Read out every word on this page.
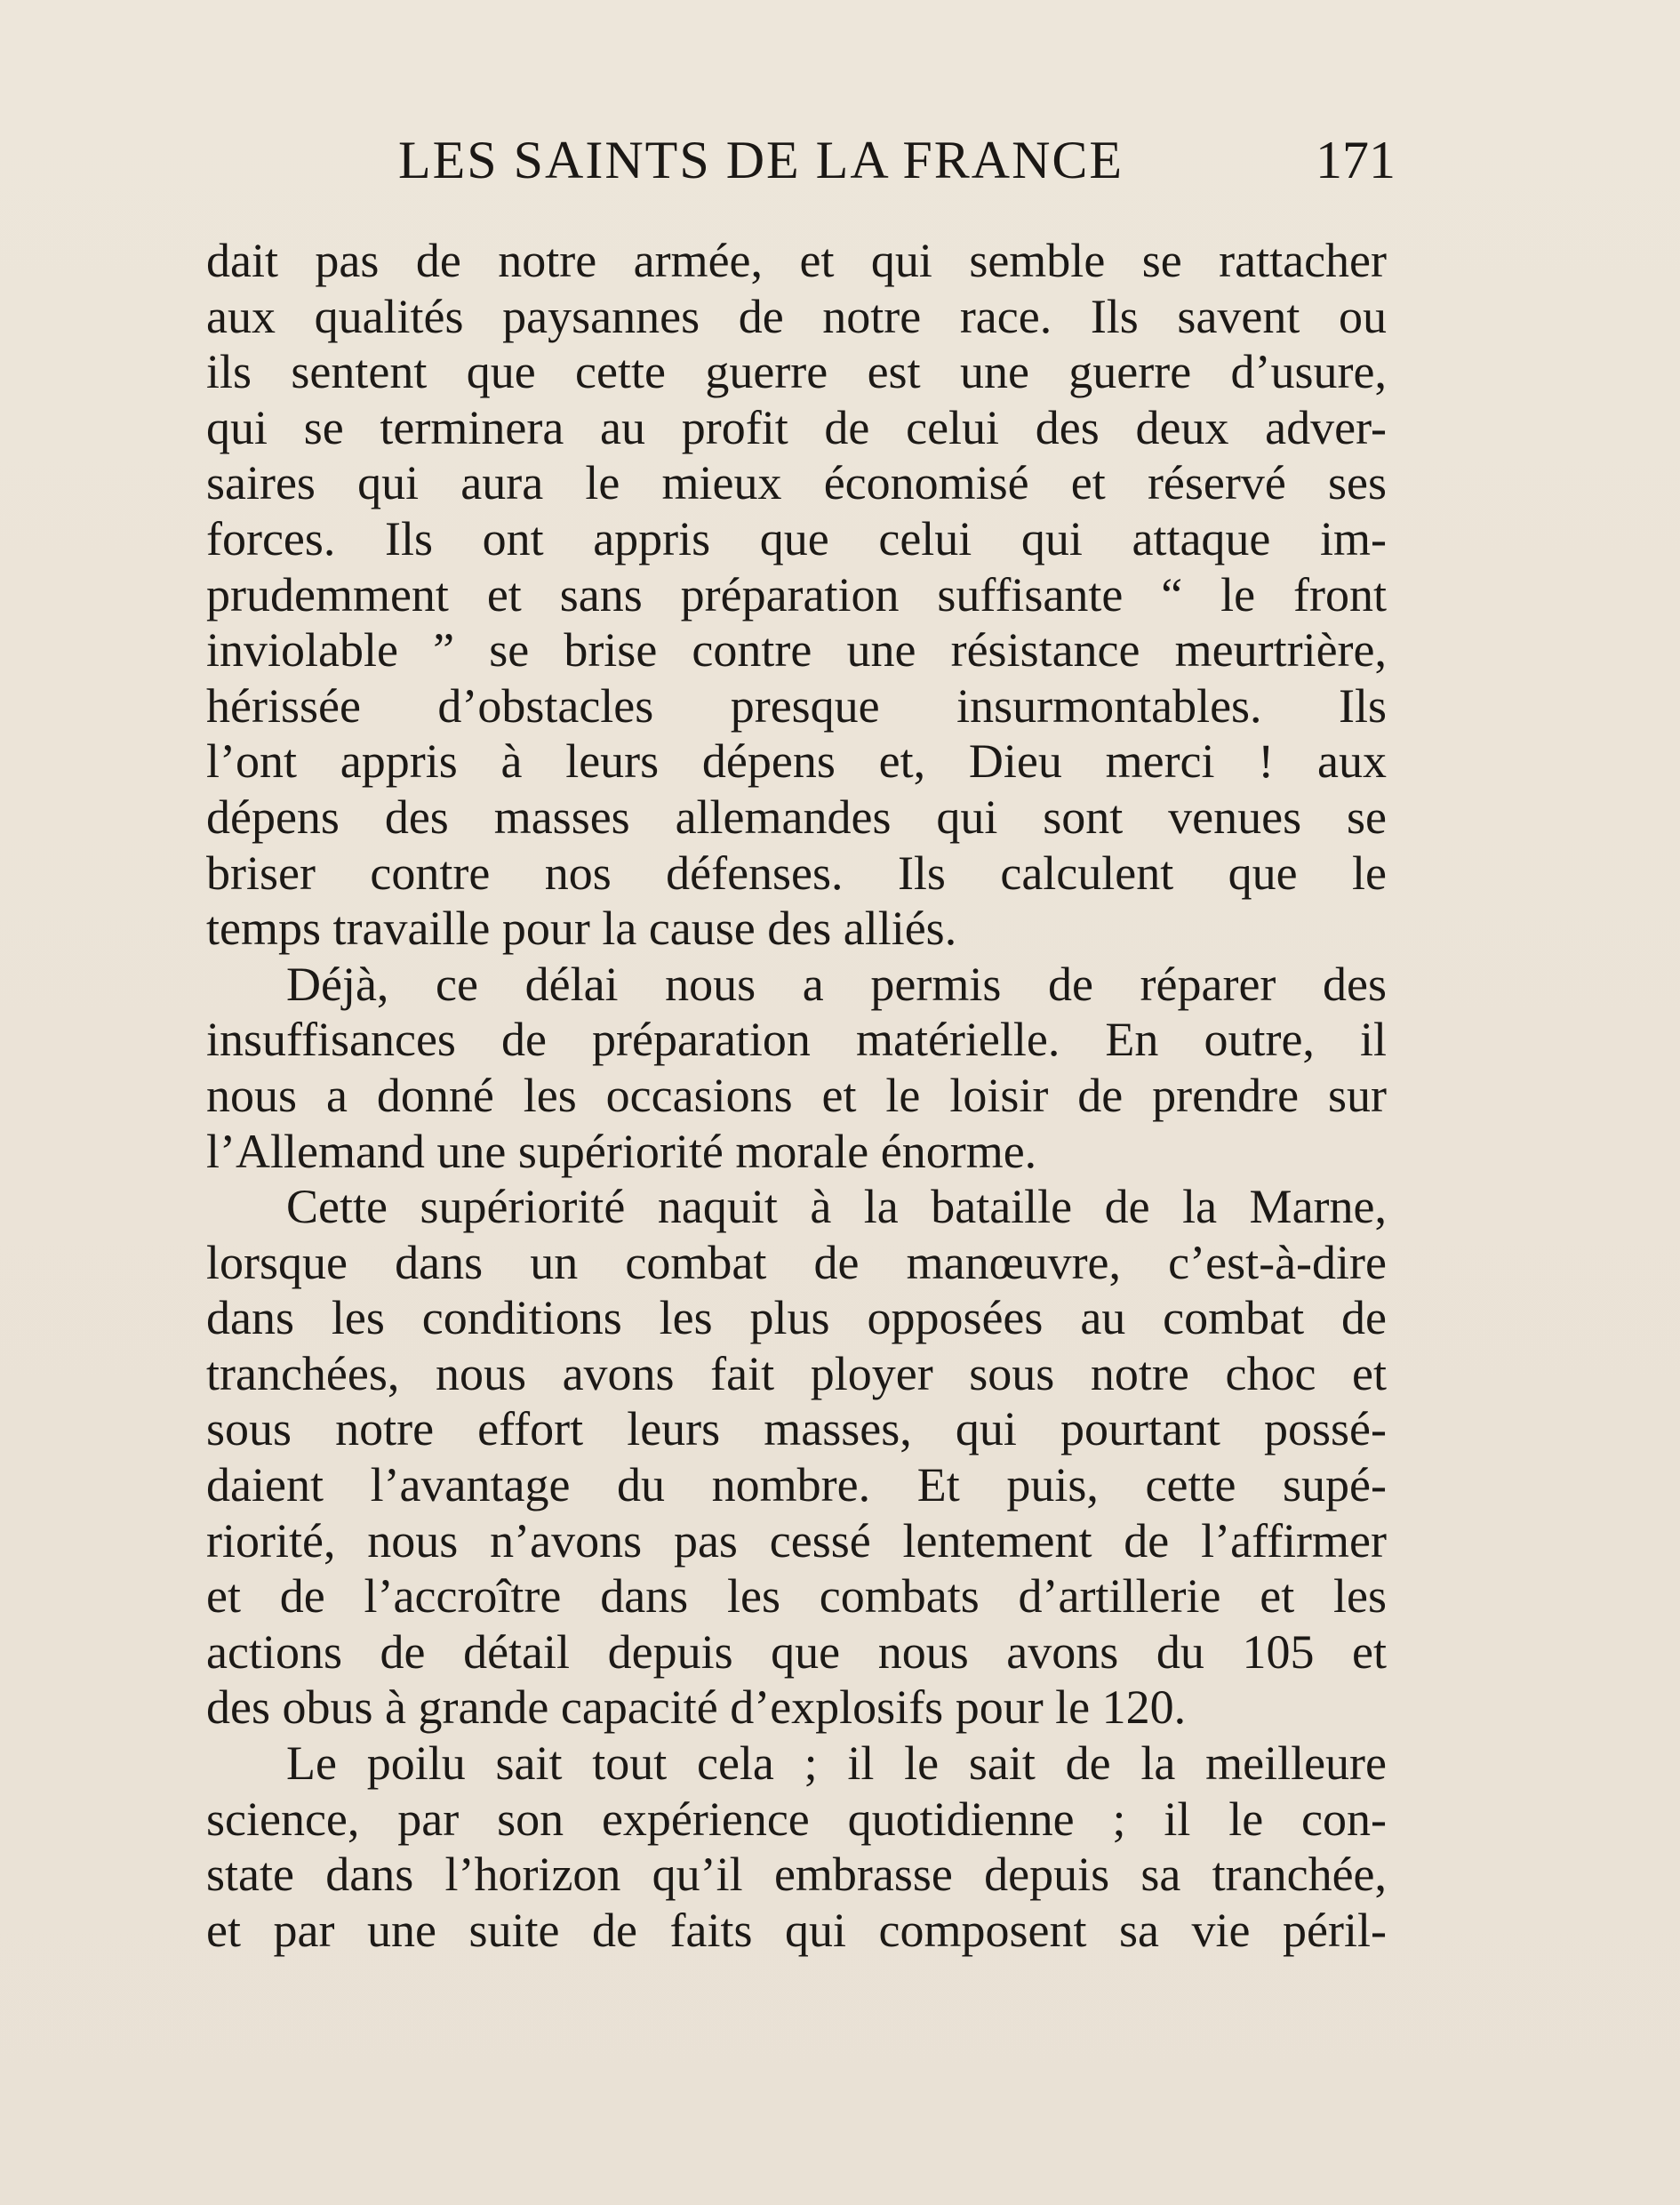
LES SAINTS DE LA FRANCE	171
dait pas de notre armée, et qui semble se rattacher
aux qualités paysannes de notre race. Ils savent ou
ils sentent que cette guerre est une guerre d’usure,
qui se terminera au profit de celui des deux adver-
saires qui aura le mieux économisé et réservé ses
forces. Ils ont appris que celui qui attaque im-
prudemment et sans préparation suffisante “ le front
inviolable ” se brise contre une résistance meurtrière,
hérissée d’obstacles presque insurmontables. Ils
l’ont appris à leurs dépens et, Dieu merci ! aux
dépens des masses allemandes qui sont venues se
briser contre nos défenses. Ils calculent que le
temps travaille pour la cause des alliés.
Déjà, ce délai nous a permis de réparer des
insuffisances de préparation matérielle. En outre, il
nous a donné les occasions et le loisir de prendre sur
l’Allemand une supériorité morale énorme.
Cette supériorité naquit à la bataille de la Marne,
lorsque dans un combat de manœuvre, c’est-à-dire
dans les conditions les plus opposées au combat de
tranchées, nous avons fait ployer sous notre choc et
sous notre effort leurs masses, qui pourtant possé-
daient l’avantage du nombre. Et puis, cette supé-
riorité, nous n’avons pas cessé lentement de l’affirmer
et de l’accroître dans les combats d’artillerie et les
actions de détail depuis que nous avons du 105 et
des obus à grande capacité d’explosifs pour le 120.
Le poilu sait tout cela ; il le sait de la meilleure
science, par son expérience quotidienne ; il le con-
state dans l’horizon qu’il embrasse depuis sa tranchée,
et par une suite de faits qui composent sa vie péril-
